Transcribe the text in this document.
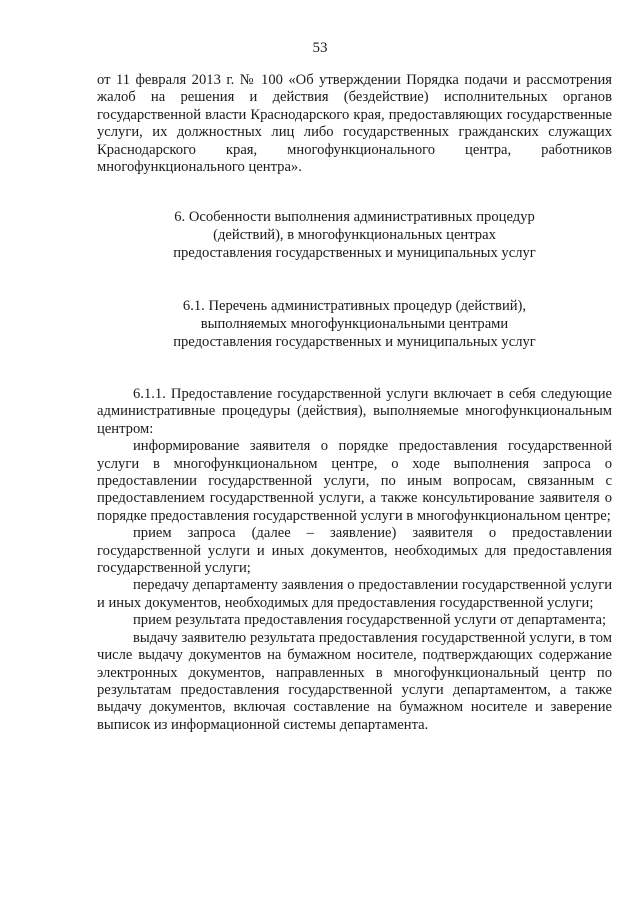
53

от 11 февраля 2013 г. № 100 «Об утверждении Порядка подачи и рассмотрения жалоб на решения и действия (бездействие) исполнительных органов государственной власти Краснодарского края, предоставляющих государственные услуги, их должностных лиц либо государственных гражданских служащих Краснодарского края, многофункционального центра, работников многофункционального центра».

6. Особенности выполнения административных процедур
(действий), в многофункциональных центрах
предоставления государственных и муниципальных услуг
6.1. Перечень административных процедур (действий),
выполняемых многофункциональными центрами
предоставления государственных и муниципальных услуг

6.1.1. Предоставление государственной услуги включает в себя следующие административные процедуры (действия), выполняемые многофункциональным центром:

информирование заявителя о порядке предоставления государственной услуги в многофункциональном центре, о ходе выполнения запроса о предоставлении государственной услуги, по иным вопросам, связанным с предоставлением государственной услуги, а также консультирование заявителя о порядке предоставления государственной услуги в многофункциональном центре;

прием запроса (далее – заявление) заявителя о предоставлении государственной услуги и иных документов, необходимых для предоставления государственной услуги;

передачу департаменту заявления о предоставлении государственной услуги и иных документов, необходимых для предоставления государственной услуги;

прием результата предоставления государственной услуги от департамента;

выдачу заявителю результата предоставления государственной услуги, в том числе выдачу документов на бумажном носителе, подтверждающих содержание электронных документов, направленных в многофункциональный центр по результатам предоставления государственной услуги департаментом, а также выдачу документов, включая составление на бумажном носителе и заверение выписок из информационной системы департамента.
